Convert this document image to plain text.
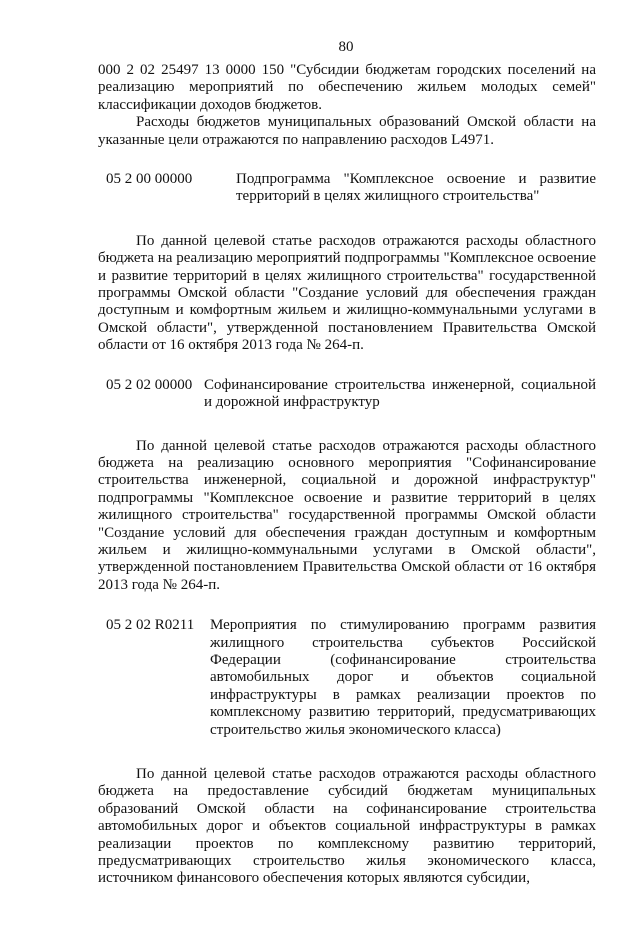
80

000 2 02 25497 13 0000 150 "Субсидии бюджетам городских поселений на реализацию мероприятий по обеспечению жильем молодых семей" классификации доходов бюджетов.

Расходы бюджетов муниципальных образований Омской области на указанные цели отражаются по направлению расходов L4971.

05 2 00 00000	Подпрограмма "Комплексное освоение и развитие территорий в целях жилищного строительства"

По данной целевой статье расходов отражаются расходы областного бюджета на реализацию мероприятий подпрограммы "Комплексное освоение и развитие территорий в целях жилищного строительства" государственной программы Омской области "Создание условий для обеспечения граждан доступным и комфортным жильем и жилищно-коммунальными услугами в Омской области", утвержденной постановлением Правительства Омской области от 16 октября 2013 года № 264-п.

05 2 02 00000 Софинансирование строительства инженерной, социальной и дорожной инфраструктур

По данной целевой статье расходов отражаются расходы областного бюджета на реализацию основного мероприятия "Софинансирование строительства инженерной, социальной и дорожной инфраструктур" подпрограммы "Комплексное освоение и развитие территорий в целях жилищного строительства" государственной программы Омской области "Создание условий для обеспечения граждан доступным и комфортным жильем и жилищно-коммунальными услугами в Омской области", утвержденной постановлением Правительства Омской области от 16 октября 2013 года № 264-п.

05 2 02 R0211	Мероприятия по стимулированию программ развития жилищного строительства субъектов Российской Федерации (софинансирование строительства автомобильных дорог и объектов социальной инфраструктуры в рамках реализации проектов по комплексному развитию территорий, предусматривающих строительство жилья экономического класса)

По данной целевой статье расходов отражаются расходы областного бюджета на предоставление субсидий бюджетам муниципальных образований Омской области на софинансирование строительства автомобильных дорог и объектов социальной инфраструктуры в рамках реализации проектов по комплексному развитию территорий, предусматривающих строительство жилья экономического класса, источником финансового обеспечения которых являются субсидии,
